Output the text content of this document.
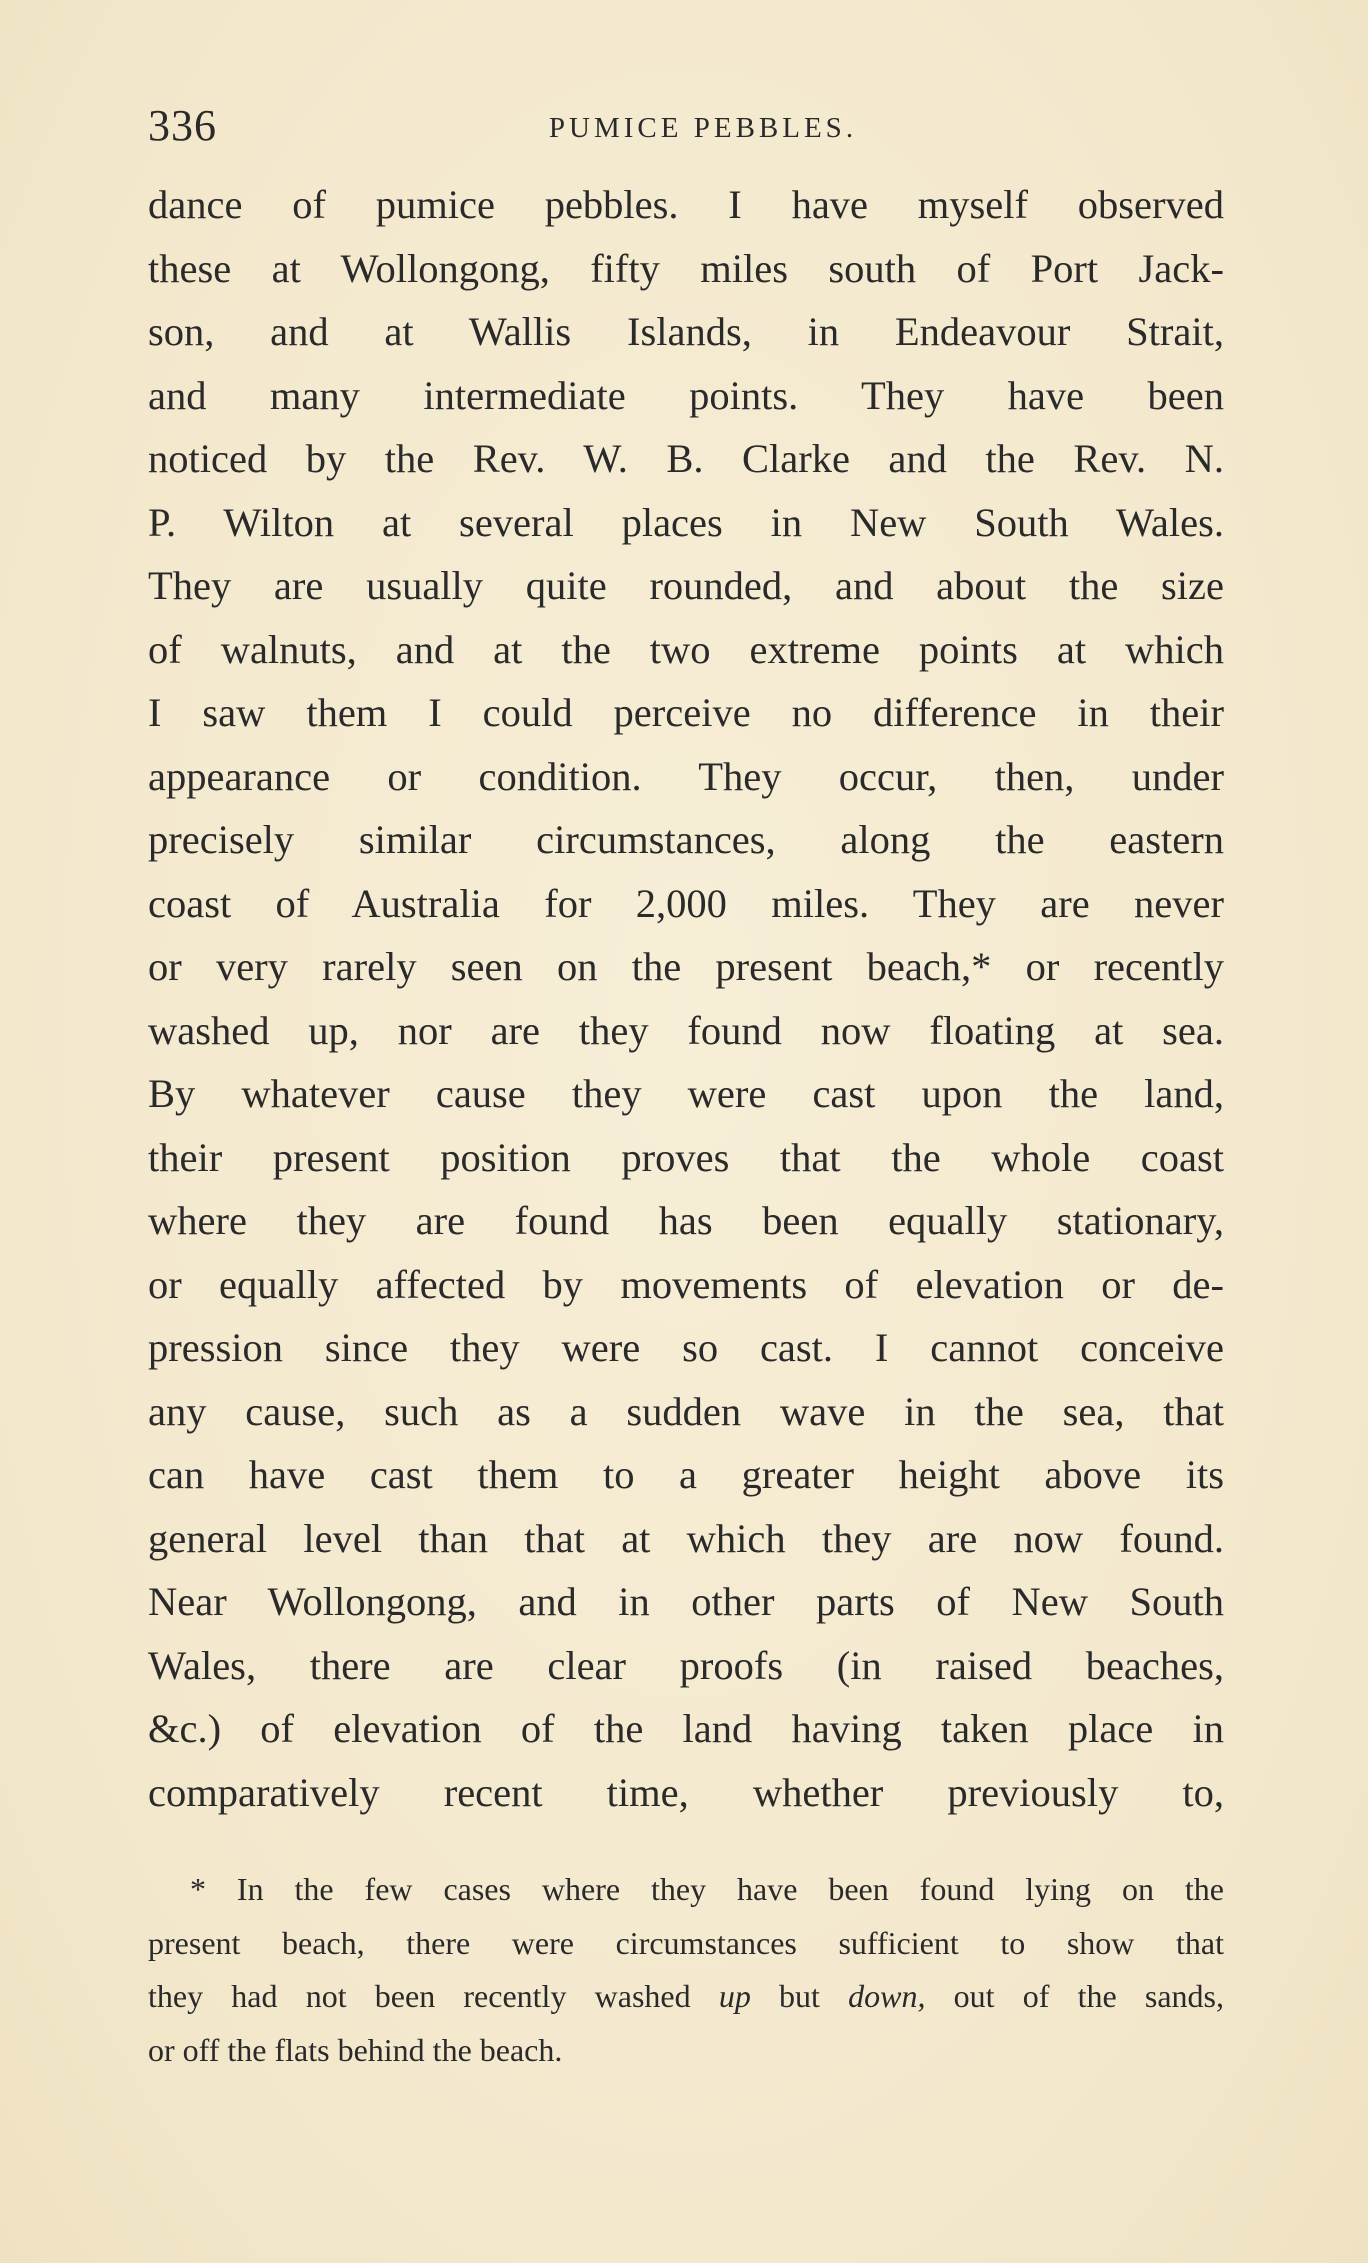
336	PUMICE PEBBLES.
dance of pumice pebbles. I have myself observed
these at Wollongong, fifty miles south of Port Jack-
son, and at Wallis Islands, in Endeavour Strait,
and many intermediate points. They have been
noticed by the Rev. W. B. Clarke and the Rev. N.
P. Wilton at several places in New South Wales.
They are usually quite rounded, and about the size
of walnuts, and at the two extreme points at which
I saw them I could perceive no difference in their
appearance or condition. They occur, then, under
precisely similar circumstances, along the eastern
coast of Australia for 2,000 miles. They are never
or very rarely seen on the present beach,* or recently
washed up, nor are they found now floating at sea.
By whatever cause they were cast upon the land,
their present position proves that the whole coast
where they are found has been equally stationary,
or equally affected by movements of elevation or de-
pression since they were so cast. I cannot conceive
any cause, such as a sudden wave in the sea, that
can have cast them to a greater height above its
general level than that at which they are now found.
Near Wollongong, and in other parts of New South
Wales, there are clear proofs (in raised beaches,
&c.) of elevation of the land having taken place in
comparatively recent time, whether previously to,
* In the few cases where they have been found lying on the
present beach, there were circumstances sufficient to show that
they had not been recently washed up but down, out of the sands,
or off the flats behind the beach.
